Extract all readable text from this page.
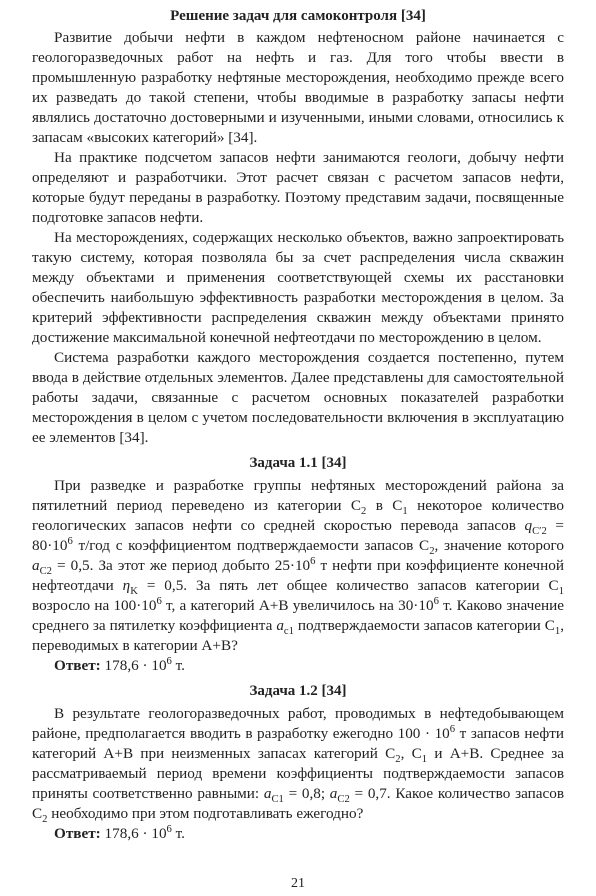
Решение задач для самоконтроля [34]

Развитие добычи нефти в каждом нефтеносном районе начинается с геологоразведочных работ на нефть и газ. Для того чтобы ввести в промышленную разработку нефтяные месторождения, необходимо прежде всего их разведать до такой степени, чтобы вводимые в разработку запасы нефти являлись достаточно достоверными и изученными, иными словами, относились к запасам «высоких категорий» [34].

На практике подсчетом запасов нефти занимаются геологи, добычу нефти определяют и разработчики. Этот расчет связан с расчетом запасов нефти, которые будут переданы в разработку. Поэтому представим задачи, посвященные подготовке запасов нефти.

На месторождениях, содержащих несколько объектов, важно запроектировать такую систему, которая позволяла бы за счет распределения числа скважин между объектами и применения соответствующей схемы их расстановки обеспечить наибольшую эффективность разработки месторождения в целом. За критерий эффективности распределения скважин между объектами принято достижение максимальной конечной нефтеотдачи по месторождению в целом.

Система разработки каждого месторождения создается постепенно, путем ввода в действие отдельных элементов. Далее представлены для самостоятельной работы задачи, связанные с расчетом основных показателей разработки месторождения в целом с учетом последовательности включения в эксплуатацию ее элементов [34].

Задача 1.1 [34]

При разведке и разработке группы нефтяных месторождений района за пятилетний период переведено из категории $С_2$ в $С_1$ некоторое количество геологических запасов нефти со средней скоростью перевода запасов $q_{C'2} = 80\cdot 10^6$ т/год с коэффициентом подтверждаемости запасов $С_2$, значение которого $a_{C2} = 0,5$. За этот же период добыто $25\cdot 10^6$ т нефти при коэффициенте конечной нефтеотдачи $\eta_K = 0,5$. За пять лет общее количество запасов категории $С_1$ возросло на $100\cdot 10^6$ т, а категорий А+В увеличилось на $30\cdot 10^6$ т. Каково значение среднего за пятилетку коэффициента $a_{c1}$ подтверждаемости запасов категории $С_1$, переводимых в категории А+В?

Ответ: $178,6 \cdot 10^6$ т.

Задача 1.2 [34]

В результате геологоразведочных работ, проводимых в нефтедобывающем районе, предполагается вводить в разработку ежегодно $100 \cdot 10^6$ т запасов нефти категорий А+В при неизменных запасах категорий $С_2$, $С_1$ и А+В. Среднее за рассматриваемый период времени коэффициенты подтверждаемости запасов приняты соответственно равными: $a_{C1} = 0,8$; $a_{C2} = 0,7$. Какое количество запасов $С_2$ необходимо при этом подготавливать ежегодно?

Ответ: $178,6 \cdot 10^6$ т.

21
